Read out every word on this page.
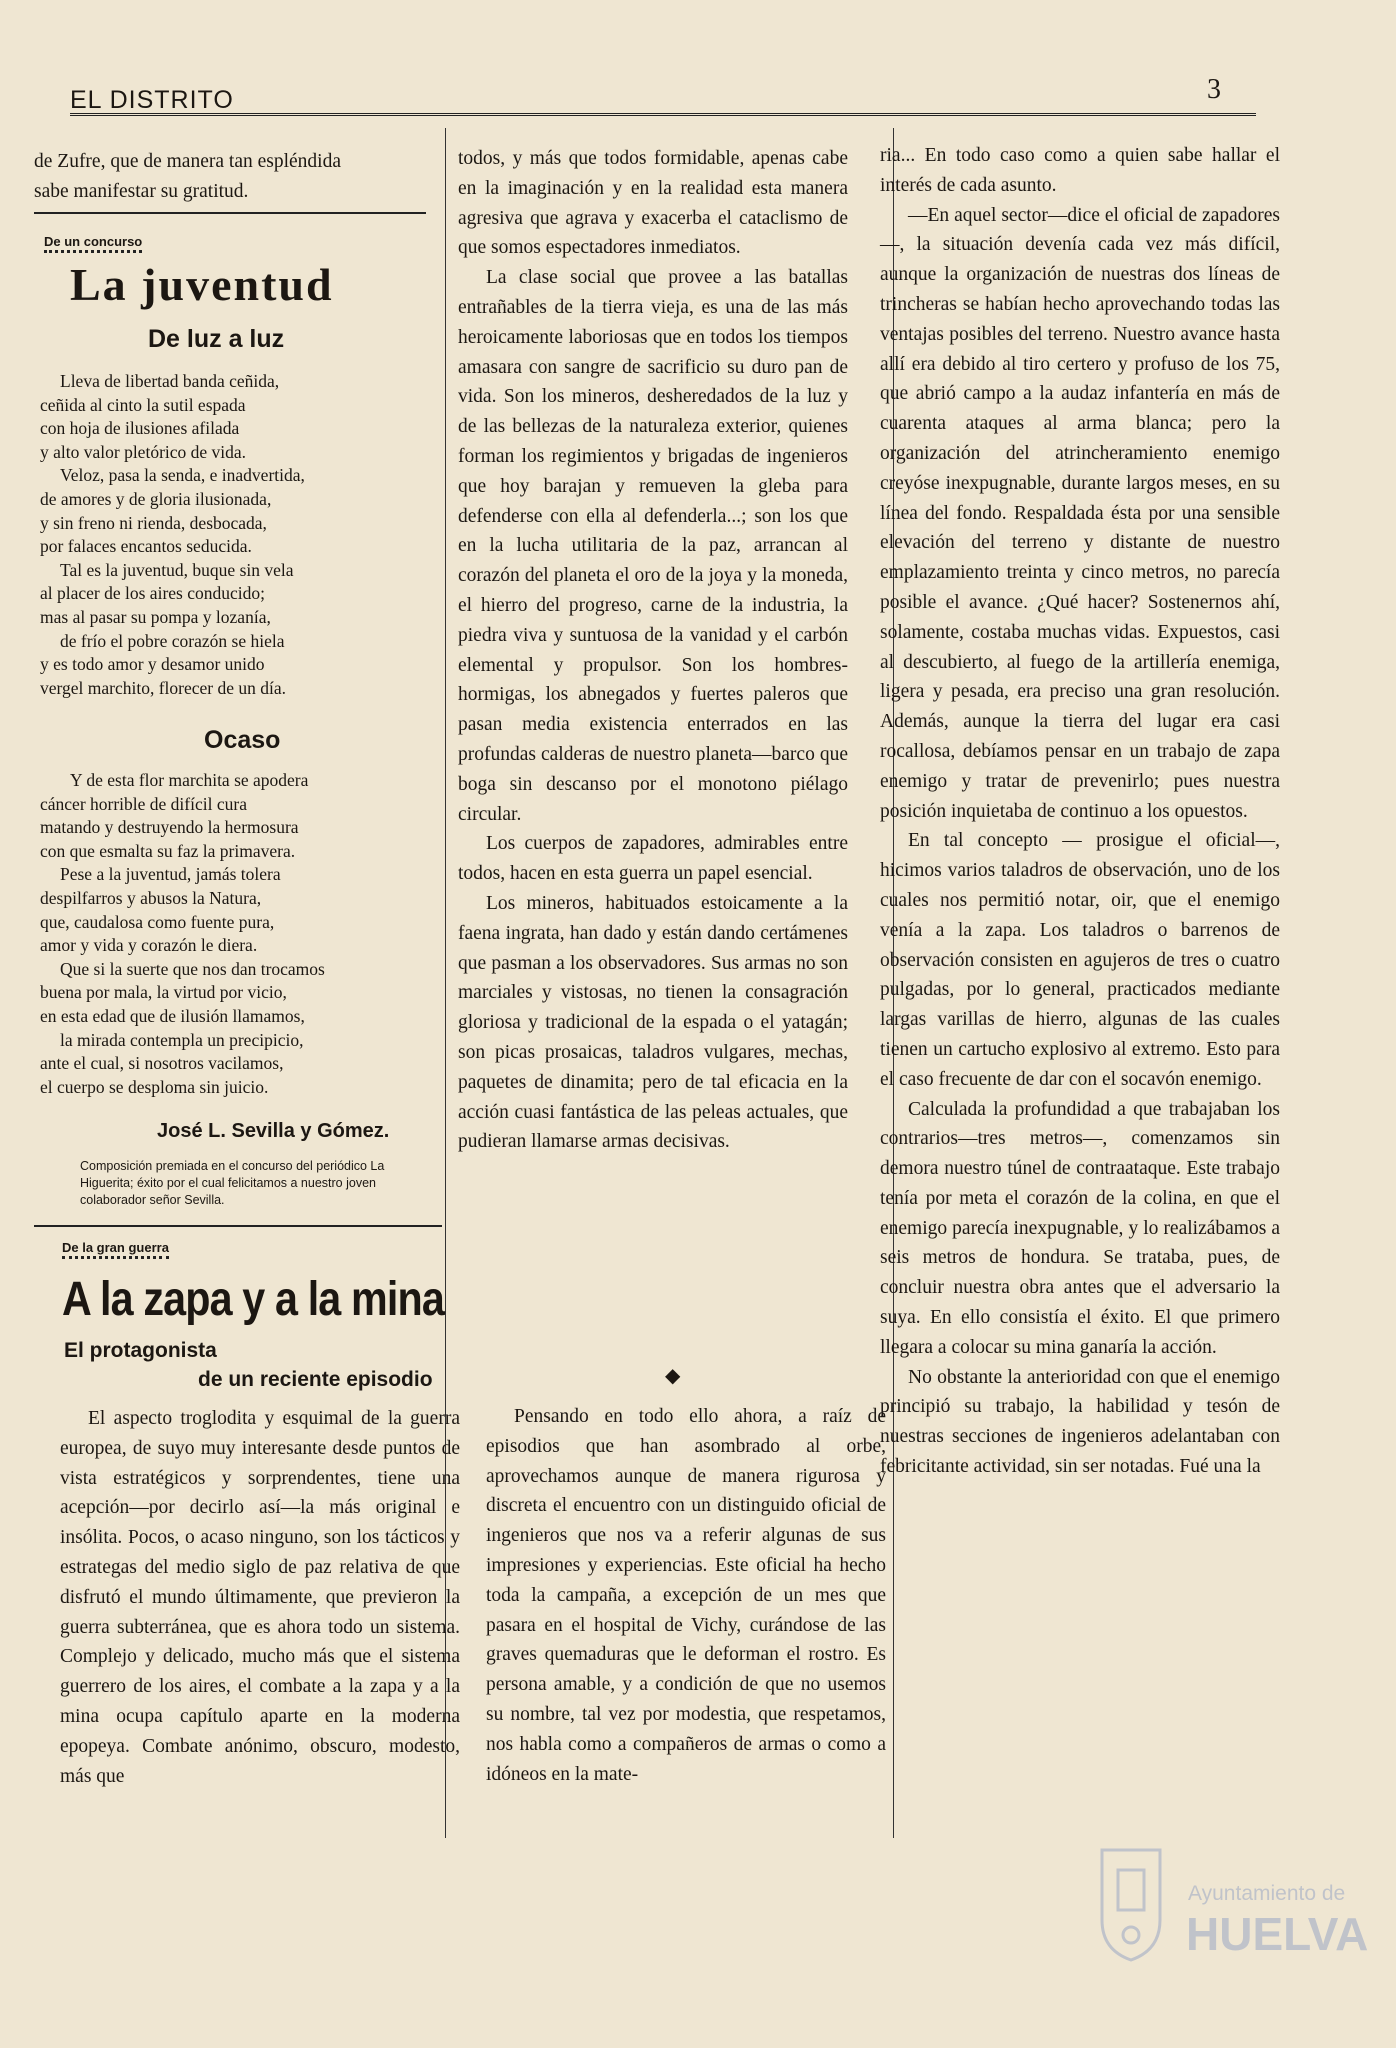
EL DISTRITO	3

de Zufre, que de manera tan espléndida

sabe manifestar su gratitud.

De un concurso
La juventud
De luz a luz
Lleva de libertad banda ceñida,
ceñida al cinto la sutil espada
con hoja de ilusiones afilada
y alto valor pletórico de vida.
Veloz, pasa la senda, e inadvertida,
de amores y de gloria ilusionada,
y sin freno ni rienda, desbocada,
por falaces encantos seducida.
Tal es la juventud, buque sin vela
al placer de los aires conducido;
mas al pasar su pompa y lozanía,
de frío el pobre corazón se hiela
y es todo amor y desamor unido
vergel marchito, florecer de un día.
Ocaso
Y de esta flor marchita se apodera
cáncer horrible de difícil cura
matando y destruyendo la hermosura
con que esmalta su faz la primavera.
Pese a la juventud, jamás tolera
despilfarros y abusos la Natura,
que, caudalosa como fuente pura,
amor y vida y corazón le diera.
Que si la suerte que nos dan trocamos
buena por mala, la virtud por vicio,
en esta edad que de ilusión llamamos,
la mirada contempla un precipicio,
ante el cual, si nosotros vacilamos,
el cuerpo se desploma sin juicio.
José L. Sevilla y Gómez.
Composición premiada en el concurso del periódico La Higuerita; éxito por el cual felicitamos a nuestro joven colaborador señor Sevilla.
De la gran guerra
A la zapa y a la mina
El protagonista
de un reciente episodio

El aspecto troglodita y esquimal de la guerra europea, de suyo muy interesante desde puntos de vista estratégicos y sorprendentes, tiene una acepción—por decirlo así—la más original e insólita. Pocos, o acaso ninguno, son los tácticos y estrategas del medio siglo de paz relativa de que disfrutó el mundo últimamente, que previeron la guerra subterránea, que es ahora todo un sistema. Complejo y delicado, mucho más que el sistema guerrero de los aires, el combate a la zapa y a la mina ocupa capítulo aparte en la moderna epopeya. Combate anónimo, obscuro, modesto, más que

todos, y más que todos formidable, apenas cabe en la imaginación y en la realidad esta manera agresiva que agrava y exacerba el cataclismo de que somos espectadores inmediatos.

La clase social que provee a las batallas entrañables de la tierra vieja, es una de las más heroicamente laboriosas que en todos los tiempos amasara con sangre de sacrificio su duro pan de vida. Son los mineros, desheredados de la luz y de las bellezas de la naturaleza exterior, quienes forman los regimientos y brigadas de ingenieros que hoy barajan y remueven la gleba para defenderse con ella al defenderla...; son los que en la lucha utilitaria de la paz, arrancan al corazón del planeta el oro de la joya y la moneda, el hierro del progreso, carne de la industria, la piedra viva y suntuosa de la vanidad y el carbón elemental y propulsor. Son los hombres-hormigas, los abnegados y fuertes paleros que pasan media existencia enterrados en las profundas calderas de nuestro planeta—barco que boga sin descanso por el monotono piélago circular.

Los cuerpos de zapadores, admirables entre todos, hacen en esta guerra un papel esencial.

Los mineros, habituados estoicamente a la faena ingrata, han dado y están dando certámenes que pasman a los observadores. Sus armas no son marciales y vistosas, no tienen la consagración gloriosa y tradicional de la espada o el yatagán; son picas prosaicas, taladros vulgares, mechas, paquetes de dinamita; pero de tal eficacia en la acción cuasi fantástica de las peleas actuales, que pudieran llamarse armas decisivas.

◆

Pensando en todo ello ahora, a raíz de episodios que han asombrado al orbe, aprovechamos aunque de manera rigurosa y discreta el encuentro con un distinguido oficial de ingenieros que nos va a referir algunas de sus impresiones y experiencias. Este oficial ha hecho toda la campaña, a excepción de un mes que pasara en el hospital de Vichy, curándose de las graves quemaduras que le deforman el rostro. Es persona amable, y a condición de que no usemos su nombre, tal vez por modestia, que respetamos, nos habla como a compañeros de armas o como a idóneos en la mate-

ria... En todo caso como a quien sabe hallar el interés de cada asunto.

—En aquel sector—dice el oficial de zapadores—, la situación devenía cada vez más difícil, aunque la organización de nuestras dos líneas de trincheras se habían hecho aprovechando todas las ventajas posibles del terreno. Nuestro avance hasta allí era debido al tiro certero y profuso de los 75, que abrió campo a la audaz infantería en más de cuarenta ataques al arma blanca; pero la organización del atrincheramiento enemigo creyóse inexpugnable, durante largos meses, en su línea del fondo. Respaldada ésta por una sensible elevación del terreno y distante de nuestro emplazamiento treinta y cinco metros, no parecía posible el avance. ¿Qué hacer? Sostenernos ahí, solamente, costaba muchas vidas. Expuestos, casi al descubierto, al fuego de la artillería enemiga, ligera y pesada, era preciso una gran resolución. Además, aunque la tierra del lugar era casi rocallosa, debíamos pensar en un trabajo de zapa enemigo y tratar de prevenirlo; pues nuestra posición inquietaba de continuo a los opuestos.

En tal concepto — prosigue el oficial—, hicimos varios taladros de observación, uno de los cuales nos permitió notar, oir, que el enemigo venía a la zapa. Los taladros o barrenos de observación consisten en agujeros de tres o cuatro pulgadas, por lo general, practicados mediante largas varillas de hierro, algunas de las cuales tienen un cartucho explosivo al extremo. Esto para el caso frecuente de dar con el socavón enemigo.

Calculada la profundidad a que trabajaban los contrarios—tres metros—, comenzamos sin demora nuestro túnel de contraataque. Este trabajo tenía por meta el corazón de la colina, en que el enemigo parecía inexpugnable, y lo realizábamos a seis metros de hondura. Se trataba, pues, de concluir nuestra obra antes que el adversario la suya. En ello consistía el éxito. El que primero llegara a colocar su mina ganaría la acción.

No obstante la anterioridad con que el enemigo principió su trabajo, la habilidad y tesón de nuestras secciones de ingenieros adelantaban con febricitante actividad, sin ser notadas. Fué una la

Ayuntamiento de
HUELVA
